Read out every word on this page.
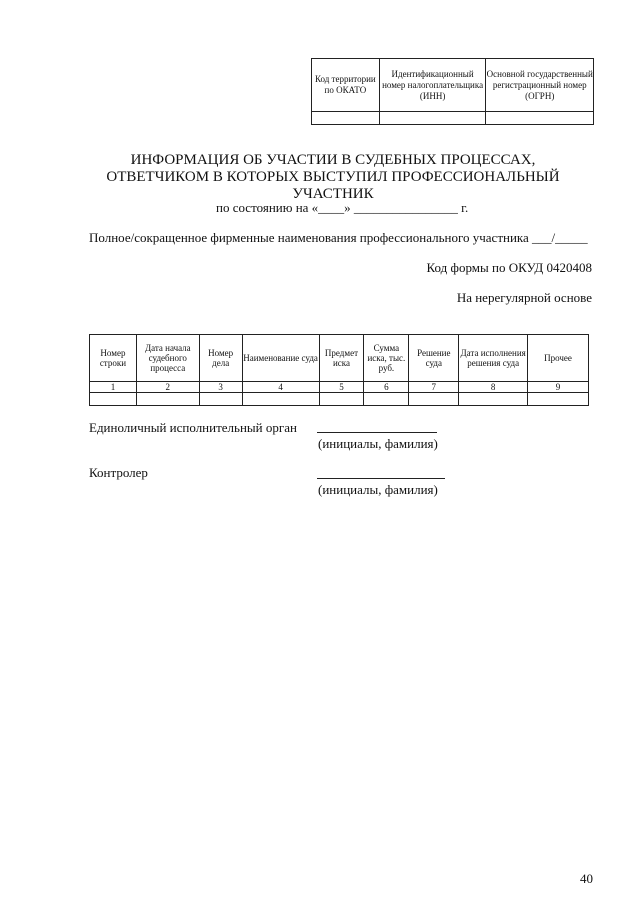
Код территории по ОКАТО	Идентификационный номер налогоплательщика (ИНН)	Основной государственный регистрационный номер (ОГРН)

ИНФОРМАЦИЯ ОБ УЧАСТИИ В СУДЕБНЫХ ПРОЦЕССАХ, ОТВЕТЧИКОМ В КОТОРЫХ ВЫСТУПИЛ ПРОФЕССИОНАЛЬНЫЙ УЧАСТНИК
по состоянию на «____» ________________ г.
Полное/сокращенное фирменные наименования профессионального участника ___/_____
Код формы по ОКУД 0420408
На нерегулярной основе
Номер строки	Дата начала судебного процесса	Номер дела	Наименование суда	Предмет иска	Сумма иска, тыс. руб.	Решение суда	Дата исполнения решения суда	Прочее
1	2	3	4	5	6	7	8	9

Единоличный исполнительный орган
(инициалы, фамилия)
Контролер
(инициалы, фамилия)
40
